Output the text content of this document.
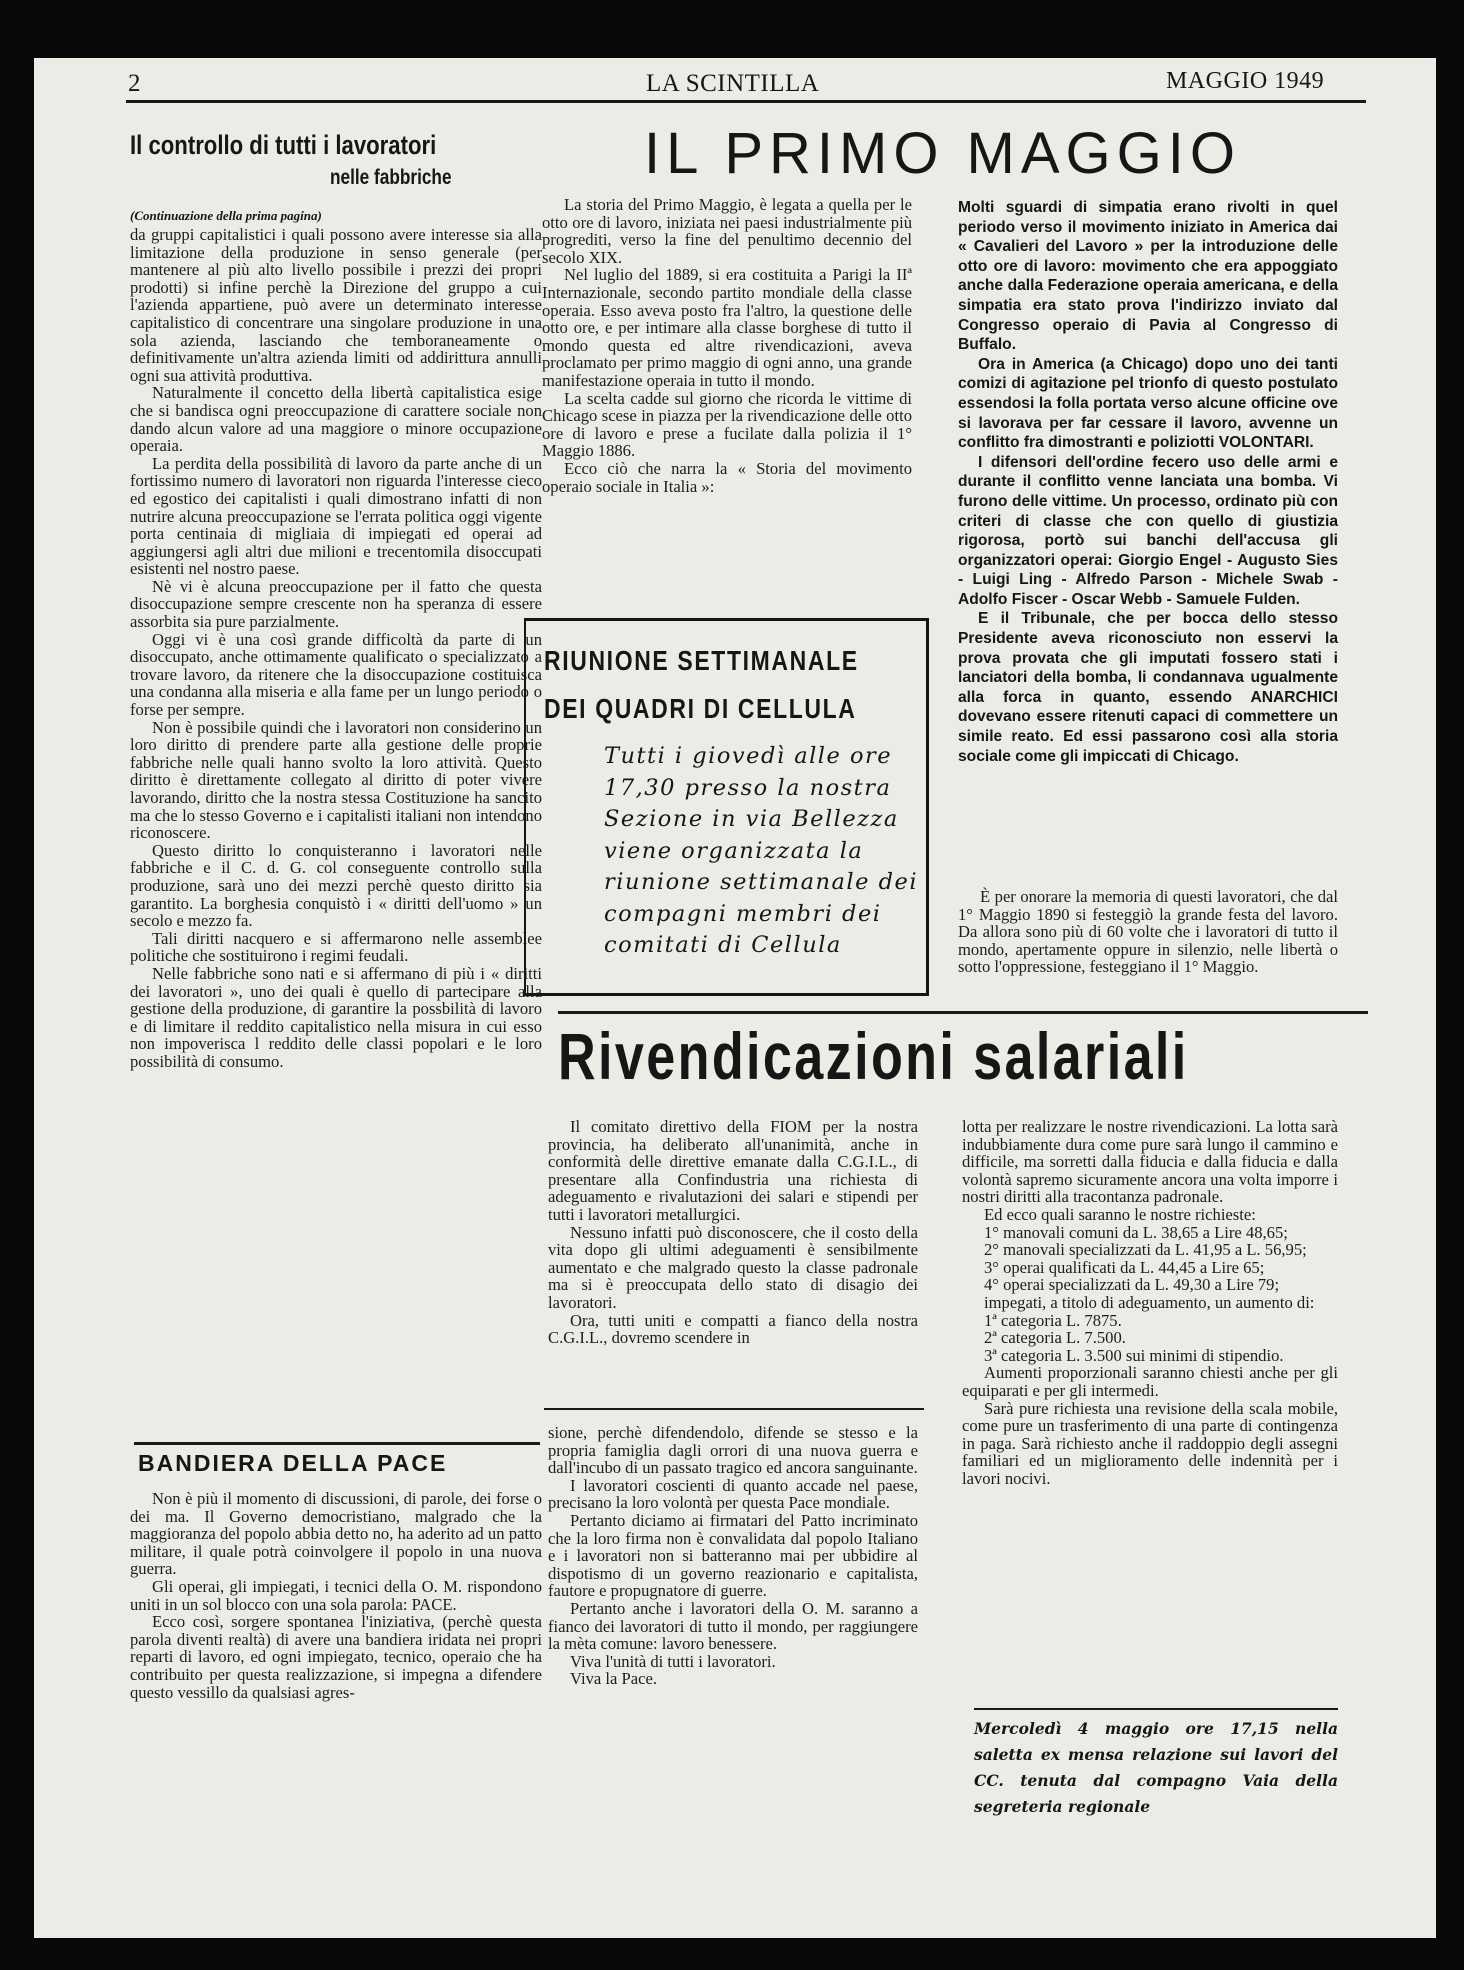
2	LA SCINTILLA	MAGGIO 1949
Il controllo di tutti i lavoratori
nelle fabbriche
(Continuazione della prima pagina)

da gruppi capitalistici i quali possono avere interesse sia alla limitazione della produzione in senso generale (per mantenere al più alto livello possibile i prezzi dei propri prodotti) si infine perchè la Direzione del gruppo a cui l'azienda appartiene, può avere un determinato interesse capitalistico di concentrare una singolare produzione in una sola azienda, lasciando che temboraneamente o definitivamente un'altra azienda limiti od addirittura annulli ogni sua attività produttiva.

Naturalmente il concetto della libertà capitalistica esige che si bandisca ogni preoccupazione di carattere sociale non dando alcun valore ad una maggiore o minore occupazione operaia.

La perdita della possibilità di lavoro da parte anche di un fortissimo numero di lavoratori non riguarda l'interesse cieco ed egostico dei capitalisti i quali dimostrano infatti di non nutrire alcuna preoccupazione se l'errata politica oggi vigente porta centinaia di migliaia di impiegati ed operai ad aggiungersi agli altri due milioni e trecentomila disoccupati esistenti nel nostro paese.

Nè vi è alcuna preoccupazione per il fatto che questa disoccupazione sempre crescente non ha speranza di essere assorbita sia pure parzialmente.

Oggi vi è una così grande difficoltà da parte di un disoccupato, anche ottimamente qualificato o specializzato a trovare lavoro, da ritenere che la disoccupazione costituisca una condanna alla miseria e alla fame per un lungo periodo o forse per sempre.

Non è possibile quindi che i lavoratori non considerino un loro diritto di prendere parte alla gestione delle proprie fabbriche nelle quali hanno svolto la loro attività. Questo diritto è direttamente collegato al diritto di poter vivere lavorando, diritto che la nostra stessa Costituzione ha sancito ma che lo stesso Governo e i capitalisti italiani non intendono riconoscere.

Questo diritto lo conquisteranno i lavoratori nelle fabbriche e il C. d. G. col conseguente controllo sulla produzione, sarà uno dei mezzi perchè questo diritto sia garantito. La borghesia conquistò i « diritti dell'uomo » un secolo e mezzo fa.

Tali diritti nacquero e si affermarono nelle assemblee politiche che sostituirono i regimi feudali.

Nelle fabbriche sono nati e si affermano di più i « diritti dei lavoratori », uno dei quali è quello di partecipare alla gestione della produzione, di garantire la possbilità di lavoro e di limitare il reddito capitalistico nella misura in cui esso non impoverisca l reddito delle classi popolari e le loro possibilità di consumo.

BANDIERA DELLA PACE

Non è più il momento di discussioni, di parole, dei forse o dei ma. Il Governo democristiano, malgrado che la maggioranza del popolo abbia detto no, ha aderito ad un patto militare, il quale potrà coinvolgere il popolo in una nuova guerra.

Gli operai, gli impiegati, i tecnici della O. M. rispondono uniti in un sol blocco con una sola parola: PACE.

Ecco così, sorgere spontanea l'iniziativa, (perchè questa parola diventi realtà) di avere una bandiera iridata nei propri reparti di lavoro, ed ogni impiegato, tecnico, operaio che ha contribuito per questa realizzazione, si impegna a difendere questo vessillo da qualsiasi agres-

IL PRIMO MAGGIO

La storia del Primo Maggio, è legata a quella per le otto ore di lavoro, iniziata nei paesi industrialmente più progrediti, verso la fine del penultimo decennio del secolo XIX.

Nel luglio del 1889, si era costituita a Parigi la IIª Internazionale, secondo partito mondiale della classe operaia. Esso aveva posto fra l'altro, la questione delle otto ore, e per intimare alla classe borghese di tutto il mondo questa ed altre rivendicazioni, aveva proclamato per primo maggio di ogni anno, una grande manifestazione operaia in tutto il mondo.

La scelta cadde sul giorno che ricorda le vittime di Chicago scese in piazza per la rivendicazione delle otto ore di lavoro e prese a fucilate dalla polizia il 1° Maggio 1886.

Ecco ciò che narra la « Storia del movimento operaio sociale in Italia »:

RIUNIONE SETTIMANALE
DEI QUADRI DI CELLULA
Tutti i giovedì alle ore
17,30 presso la nostra
Sezione in via Bellezza
viene organizzata la
riunione settimanale dei
compagni membri dei
comitati di Cellula

Molti sguardi di simpatia erano rivolti in quel periodo verso il movimento iniziato in America dai « Cavalieri del Lavoro » per la introduzione delle otto ore di lavoro: movimento che era appoggiato anche dalla Federazione operaia americana, e della simpatia era stato prova l'indirizzo inviato dal Congresso operaio di Pavia al Congresso di Buffalo.

Ora in America (a Chicago) dopo uno dei tanti comizi di agitazione pel trionfo di questo postulato essendosi la folla portata verso alcune officine ove si lavorava per far cessare il lavoro, avvenne un conflitto fra dimostranti e poliziotti VOLONTARI.

I difensori dell'ordine fecero uso delle armi e durante il conflitto venne lanciata una bomba. Vi furono delle vittime. Un processo, ordinato più con criteri di classe che con quello di giustizia rigorosa, portò sui banchi dell'accusa gli organizzatori operai: Giorgio Engel - Augusto Sies - Luigi Ling - Alfredo Parson - Michele Swab - Adolfo Fiscer - Oscar Webb - Samuele Fulden.

E il Tribunale, che per bocca dello stesso Presidente aveva riconosciuto non esservi la prova provata che gli imputati fossero stati i lanciatori della bomba, li condannava ugualmente alla forca in quanto, essendo ANARCHICI dovevano essere ritenuti capaci di commettere un simile reato. Ed essi passarono così alla storia sociale come gli impiccati di Chicago.

È per onorare la memoria di questi lavoratori, che dal 1° Maggio 1890 si festeggiò la grande festa del lavoro. Da allora sono più di 60 volte che i lavoratori di tutto il mondo, apertamente oppure in silenzio, nelle libertà o sotto l'oppressione, festeggiano il 1° Maggio.

Rivendicazioni salariali

Il comitato direttivo della FIOM per la nostra provincia, ha deliberato all'unanimità, anche in conformità delle direttive emanate dalla C.G.I.L., di presentare alla Confindustria una richiesta di adeguamento e rivalutazioni dei salari e stipendi per tutti i lavoratori metallurgici.

Nessuno infatti può disconoscere, che il costo della vita dopo gli ultimi adeguamenti è sensibilmente aumentato e che malgrado questo la classe padronale ma si è preoccupata dello stato di disagio dei lavoratori.

Ora, tutti uniti e compatti a fianco della nostra C.G.I.L., dovremo scendere in

sione, perchè difendendolo, difende se stesso e la propria famiglia dagli orrori di una nuova guerra e dall'incubo di un passato tragico ed ancora sanguinante.

I lavoratori coscienti di quanto accade nel paese, precisano la loro volontà per questa Pace mondiale.

Pertanto diciamo ai firmatari del Patto incriminato che la loro firma non è convalidata dal popolo Italiano e i lavoratori non si batteranno mai per ubbidire al dispotismo di un governo reazionario e capitalista, fautore e propugnatore di guerre.

Pertanto anche i lavoratori della O. M. saranno a fianco dei lavoratori di tutto il mondo, per raggiungere la mèta comune: lavoro benessere.

Viva l'unità di tutti i lavoratori.

Viva la Pace.

lotta per realizzare le nostre rivendicazioni. La lotta sarà indubbiamente dura come pure sarà lungo il cammino e difficile, ma sorretti dalla fiducia e dalla fiducia e dalla volontà sapremo sicuramente ancora una volta imporre i nostri diritti alla tracontanza padronale.

Ed ecco quali saranno le nostre richieste:

1° manovali comuni da L. 38,65 a Lire 48,65;

2° manovali specializzati da L. 41,95 a L. 56,95;

3° operai qualificati da L. 44,45 a Lire 65;

4° operai specializzati da L. 49,30 a Lire 79;

impegati, a titolo di adeguamento, un aumento di:

1ª categoria L. 7875.

2ª categoria L. 7.500.

3ª categoria L. 3.500 sui minimi di stipendio.

Aumenti proporzionali saranno chiesti anche per gli equiparati e per gli intermedi.

Sarà pure richiesta una revisione della scala mobile, come pure un trasferimento di una parte di contingenza in paga. Sarà richiesto anche il raddoppio degli assegni familiari ed un miglioramento delle indennità per i lavori nocivi.

Mercoledì 4 maggio ore 17,15 nella saletta ex mensa relazione sui lavori del CC. tenuta dal compagno Vaia della segreteria regionale
